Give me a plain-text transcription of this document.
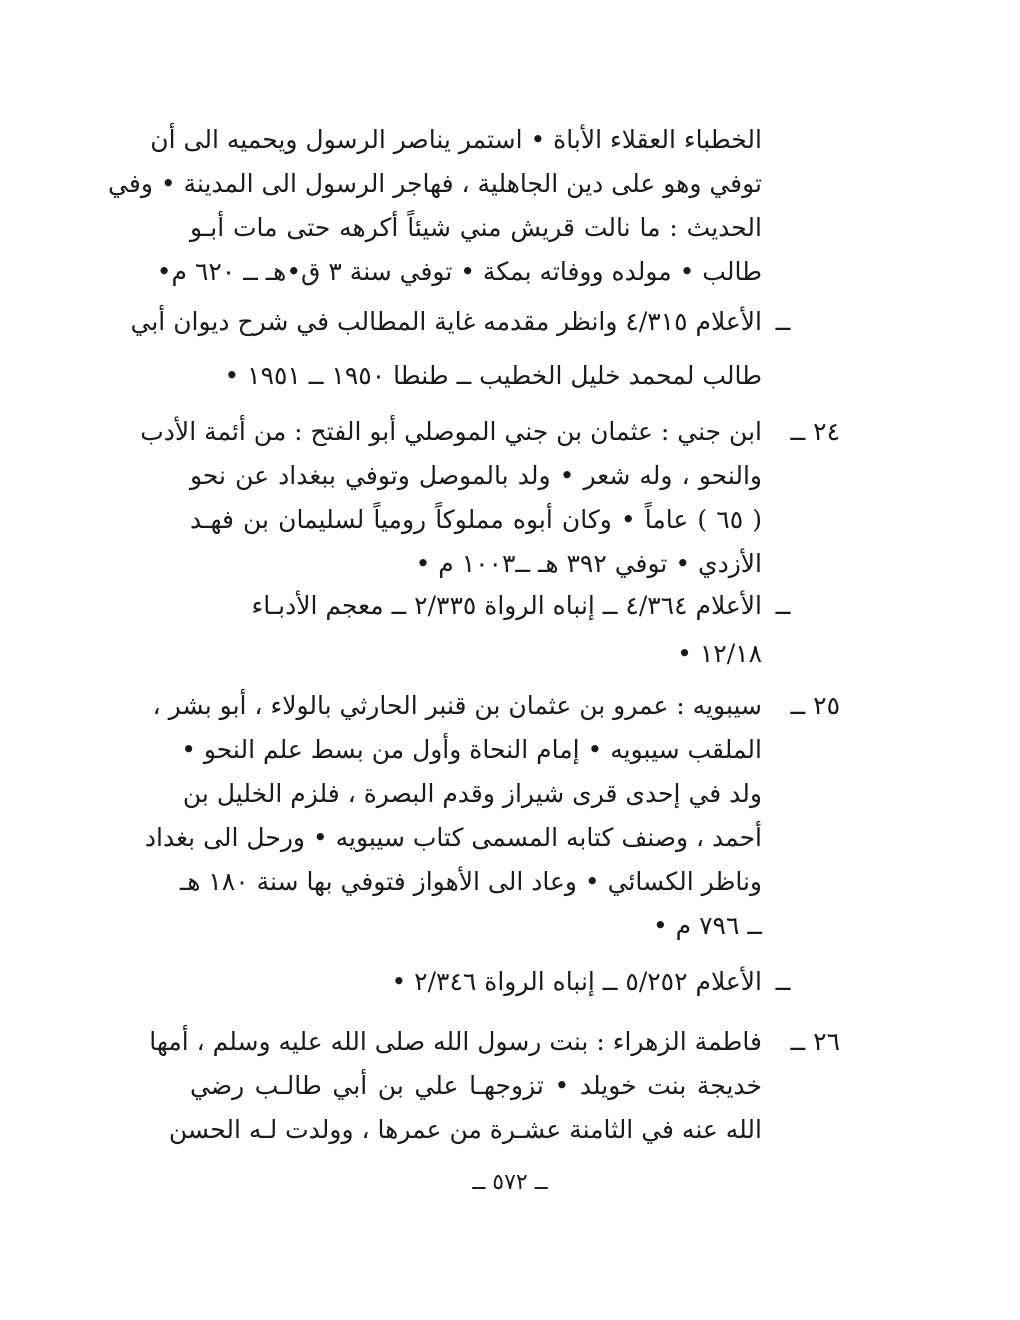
الخطباء العقلاء الأباة • استمر يناصر الرسول ويحميه الى أن
توفي وهو على دين الجاهلية ، فهاجر الرسول الى المدينة • وفي
الحديث : ما نالت قريش مني شيئاً أكرهه حتى مات أبـو
طالب • مولده ووفاته بمكة • توفي سنة ٣ ق•هـ ــ ٦٢٠ م•
ــ
الأعلام ٤/٣١٥ وانظر مقدمه غاية المطالب في شرح ديوان أبي
طالب لمحمد خليل الخطيب ــ طنطا ١٩٥٠ ــ ١٩٥١ •
٢٤ ــ
ابن جني : عثمان بن جني الموصلي أبو الفتح : من أئمة الأدب
والنحو ، وله شعر • ولد بالموصل وتوفي ببغداد عن نحو
( ٦٥ ) عاماً • وكان أبوه مملوكاً رومياً لسليمان بن فهـد
الأزدي • توفي ٣٩٢ هـ ــ١٠٠٣ م •
ــ
الأعلام ٤/٣٦٤ ــ إنباه الرواة ٢/٣٣٥ ــ معجم الأدبـاء
١٢/١٨ •
٢٥ ــ
سيبويه : عمرو بن عثمان بن قنبر الحارثي بالولاء ، أبو بشر ،
الملقب سيبويه • إمام النحاة وأول من بسط علم النحو •
ولد في إحدى قرى شيراز وقدم البصرة ، فلزم الخليل بن
أحمد ، وصنف كتابه المسمى كتاب سيبويه • ورحل الى بغداد
وناظر الكسائي • وعاد الى الأهواز فتوفي بها سنة ١٨٠ هـ
ــ ٧٩٦ م •
ــ
الأعلام ٥/٢٥٢ ــ إنباه الرواة ٢/٣٤٦ •
٢٦ ــ
فاطمة الزهراء : بنت رسول الله صلى الله عليه وسلم ، أمها
خديجة بنت خويلد • تزوجهـا علي بن أبي طالـب رضي
الله عنه في الثامنة عشـرة من عمرها ، وولدت لـه الحسن
ــ ٥٧٢ ــ
